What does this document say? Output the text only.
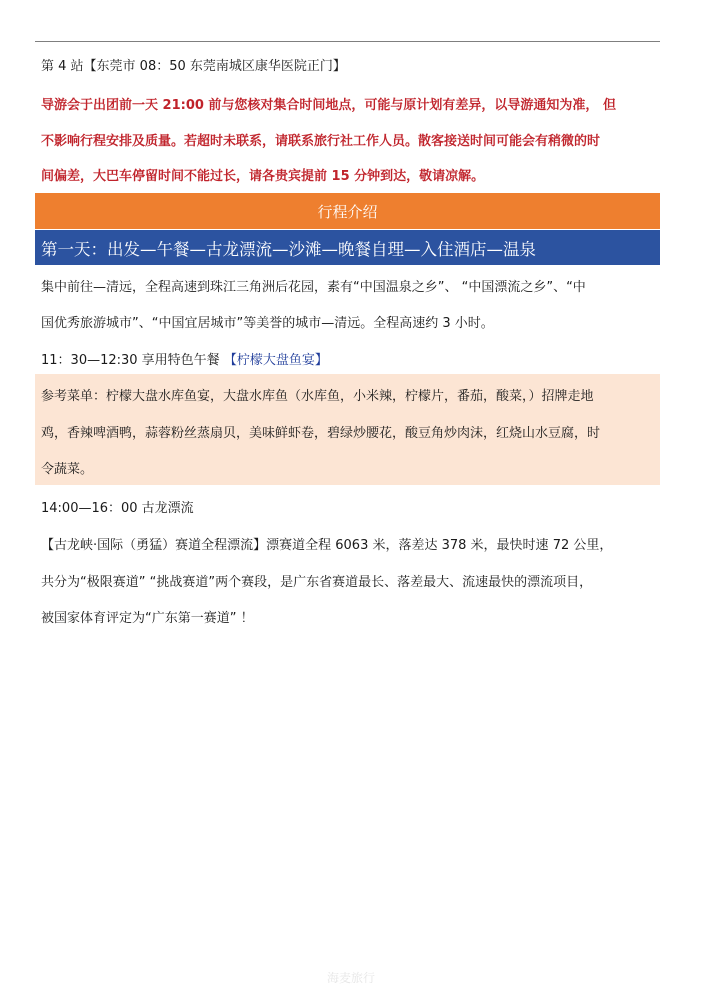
第 4 站【东莞市 08：50 东莞南城区康华医院正门】
导游会于出团前一天 21:00 前与您核对集合时间地点，可能与原计划有差异，以导游通知为准， 但
不影响行程安排及质量。若超时未联系，请联系旅行社工作人员。散客接送时间可能会有稍微的时
间偏差，大巴车停留时间不能过长，请各贵宾提前 15 分钟到达，敬请凉解。
行程介绍
第一天：出发—午餐—古龙漂流—沙滩—晚餐自理—入住酒店—温泉
集中前往—清远，全程高速到珠江三角洲后花园，素有“中国温泉之乡”、 “中国漂流之乡”、“中
国优秀旅游城市”、“中国宜居城市”等美誉的城市—清远。全程高速约 3 小时。
11：30—12:30 享用特色午餐 【柠檬大盘鱼宴】
参考菜单：柠檬大盘水库鱼宴，大盘水库鱼（水库鱼，小米辣，柠檬片，番茄，酸菜，）招牌走地
鸡，香辣啤酒鸭，蒜蓉粉丝蒸扇贝，美味鲜虾卷，碧绿炒腰花，酸豆角炒肉沫，红烧山水豆腐，时
令蔬菜。
14:00—16：00 古龙漂流
【古龙峡·国际（勇猛）赛道全程漂流】漂赛道全程 6063 米，落差达 378 米，最快时速 72 公里，
共分为“极限赛道” “挑战赛道”两个赛段，是广东省赛道最长、落差最大、流速最快的漂流项目，
被国家体育评定为“广东第一赛道” ！
海麦旅行
